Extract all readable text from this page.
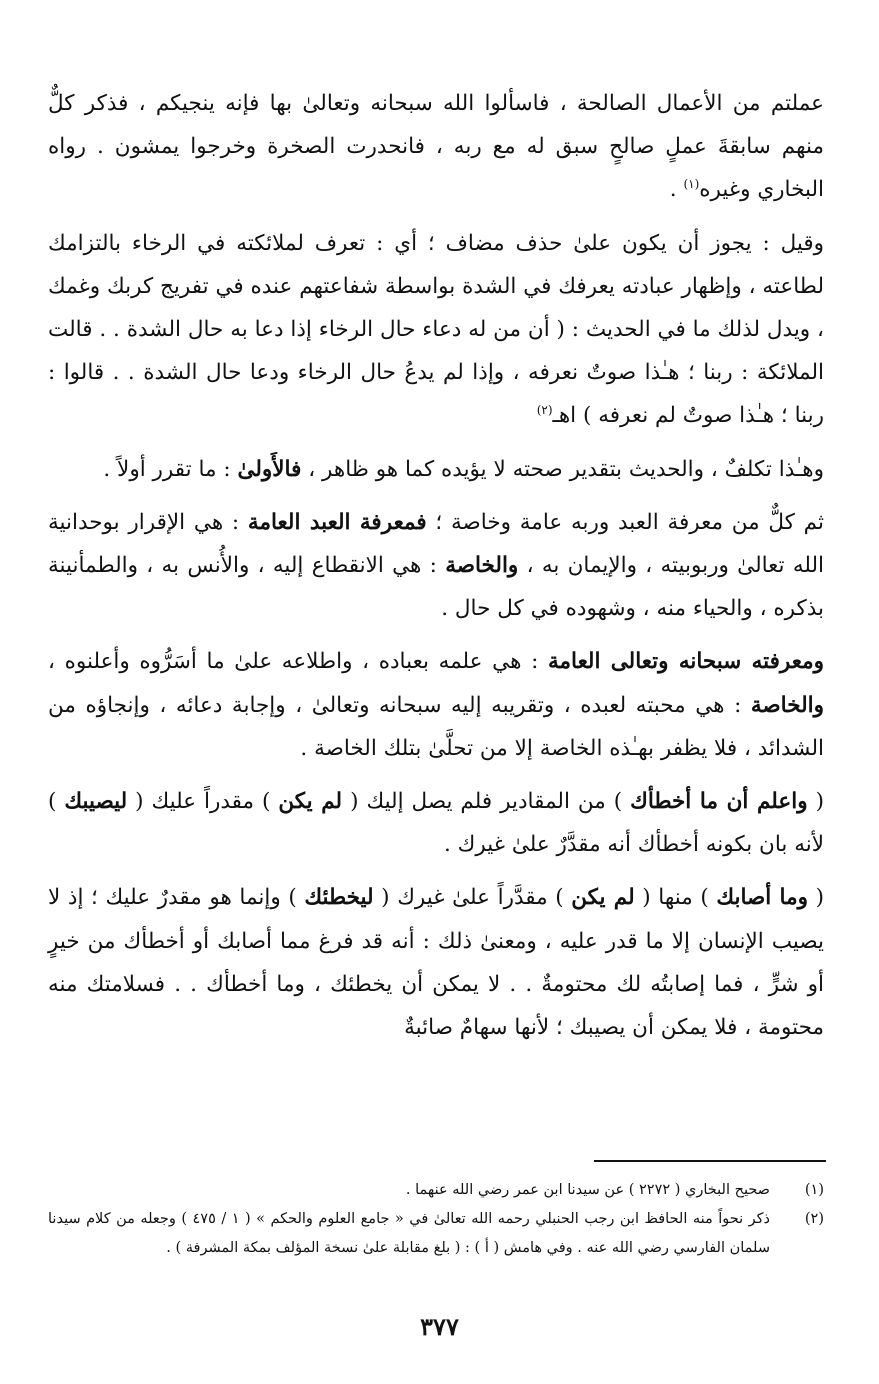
عملتم من الأعمال الصالحة ، فاسألوا الله سبحانه وتعالىٰ بها فإنه ينجيكم ، فذكر كلٌّ منهم سابقةَ عملٍ صالحٍ سبق له مع ربه ، فانحدرت الصخرة وخرجوا يمشون . رواه البخاري وغيره$^{(١)}$ .

وقيل : يجوز أن يكون علىٰ حذف مضاف ؛ أي : تعرف لملائكته في الرخاء بالتزامك لطاعته ، وإظهار عبادته يعرفك في الشدة بواسطة شفاعتهم عنده في تفريج كربك وغمك ، ويدل لذلك ما في الحديث : ( أن من له دعاء حال الرخاء إذا دعا به حال الشدة . . قالت الملائكة : ربنا ؛ هـٰذا صوتٌ نعرفه ، وإذا لم يدعُ حال الرخاء ودعا حال الشدة . . قالوا : ربنا ؛ هـٰذا صوتٌ لم نعرفه ) اهـ$^{(٢)}$

وهـٰذا تكلفٌ ، والحديث بتقدير صحته لا يؤيده كما هو ظاهر ، فالأَولىٰ : ما تقرر أولاً .

ثم كلٌّ من معرفة العبد وربه عامة وخاصة ؛ فمعرفة العبد العامة : هي الإقرار بوحدانية الله تعالىٰ وربوبيته ، والإيمان به ، والخاصة : هي الانقطاع إليه ، والأُنس به ، والطمأنينة بذكره ، والحياء منه ، وشهوده في كل حال .

ومعرفته سبحانه وتعالى العامة : هي علمه بعباده ، واطلاعه علىٰ ما أسَرُّوه وأعلنوه ، والخاصة : هي محبته لعبده ، وتقريبه إليه سبحانه وتعالىٰ ، وإجابة دعائه ، وإنجاؤه من الشدائد ، فلا يظفر بهـٰذه الخاصة إلا من تحلَّىٰ بتلك الخاصة .

( واعلم أن ما أخطأك ) من المقادير فلم يصل إليك ( لم يكن ) مقدراً عليك ( ليصيبك ) لأنه بان بكونه أخطأك أنه مقدَّرٌ علىٰ غيرك .

( وما أصابك ) منها ( لم يكن ) مقدَّراً علىٰ غيرك ( ليخطئك ) وإنما هو مقدرٌ عليك ؛ إذ لا يصيب الإنسان إلا ما قدر عليه ، ومعنىٰ ذلك : أنه قد فرغ مما أصابك أو أخطأك من خيرٍ أو شرٍّ ، فما إصابتُه لك محتومةٌ . . لا يمكن أن يخطئك ، وما أخطأك . . فسلامتك منه محتومة ، فلا يمكن أن يصيبك ؛ لأنها سهامٌ صائبةٌ

(١)
صحيح البخاري ( ٢٢٧٢ ) عن سيدنا ابن عمر رضي الله عنهما .
(٢)
ذكر نحواً منه الحافظ ابن رجب الحنبلي رحمه الله تعالىٰ في « جامع العلوم والحكم » ( ١ / ٤٧٥ ) وجعله من كلام سيدنا سلمان الفارسي رضي الله عنه . وفي هامش ( أ ) : ( بلغ مقابلة علىٰ نسخة المؤلف بمكة المشرفة ) .
٣٧٧
